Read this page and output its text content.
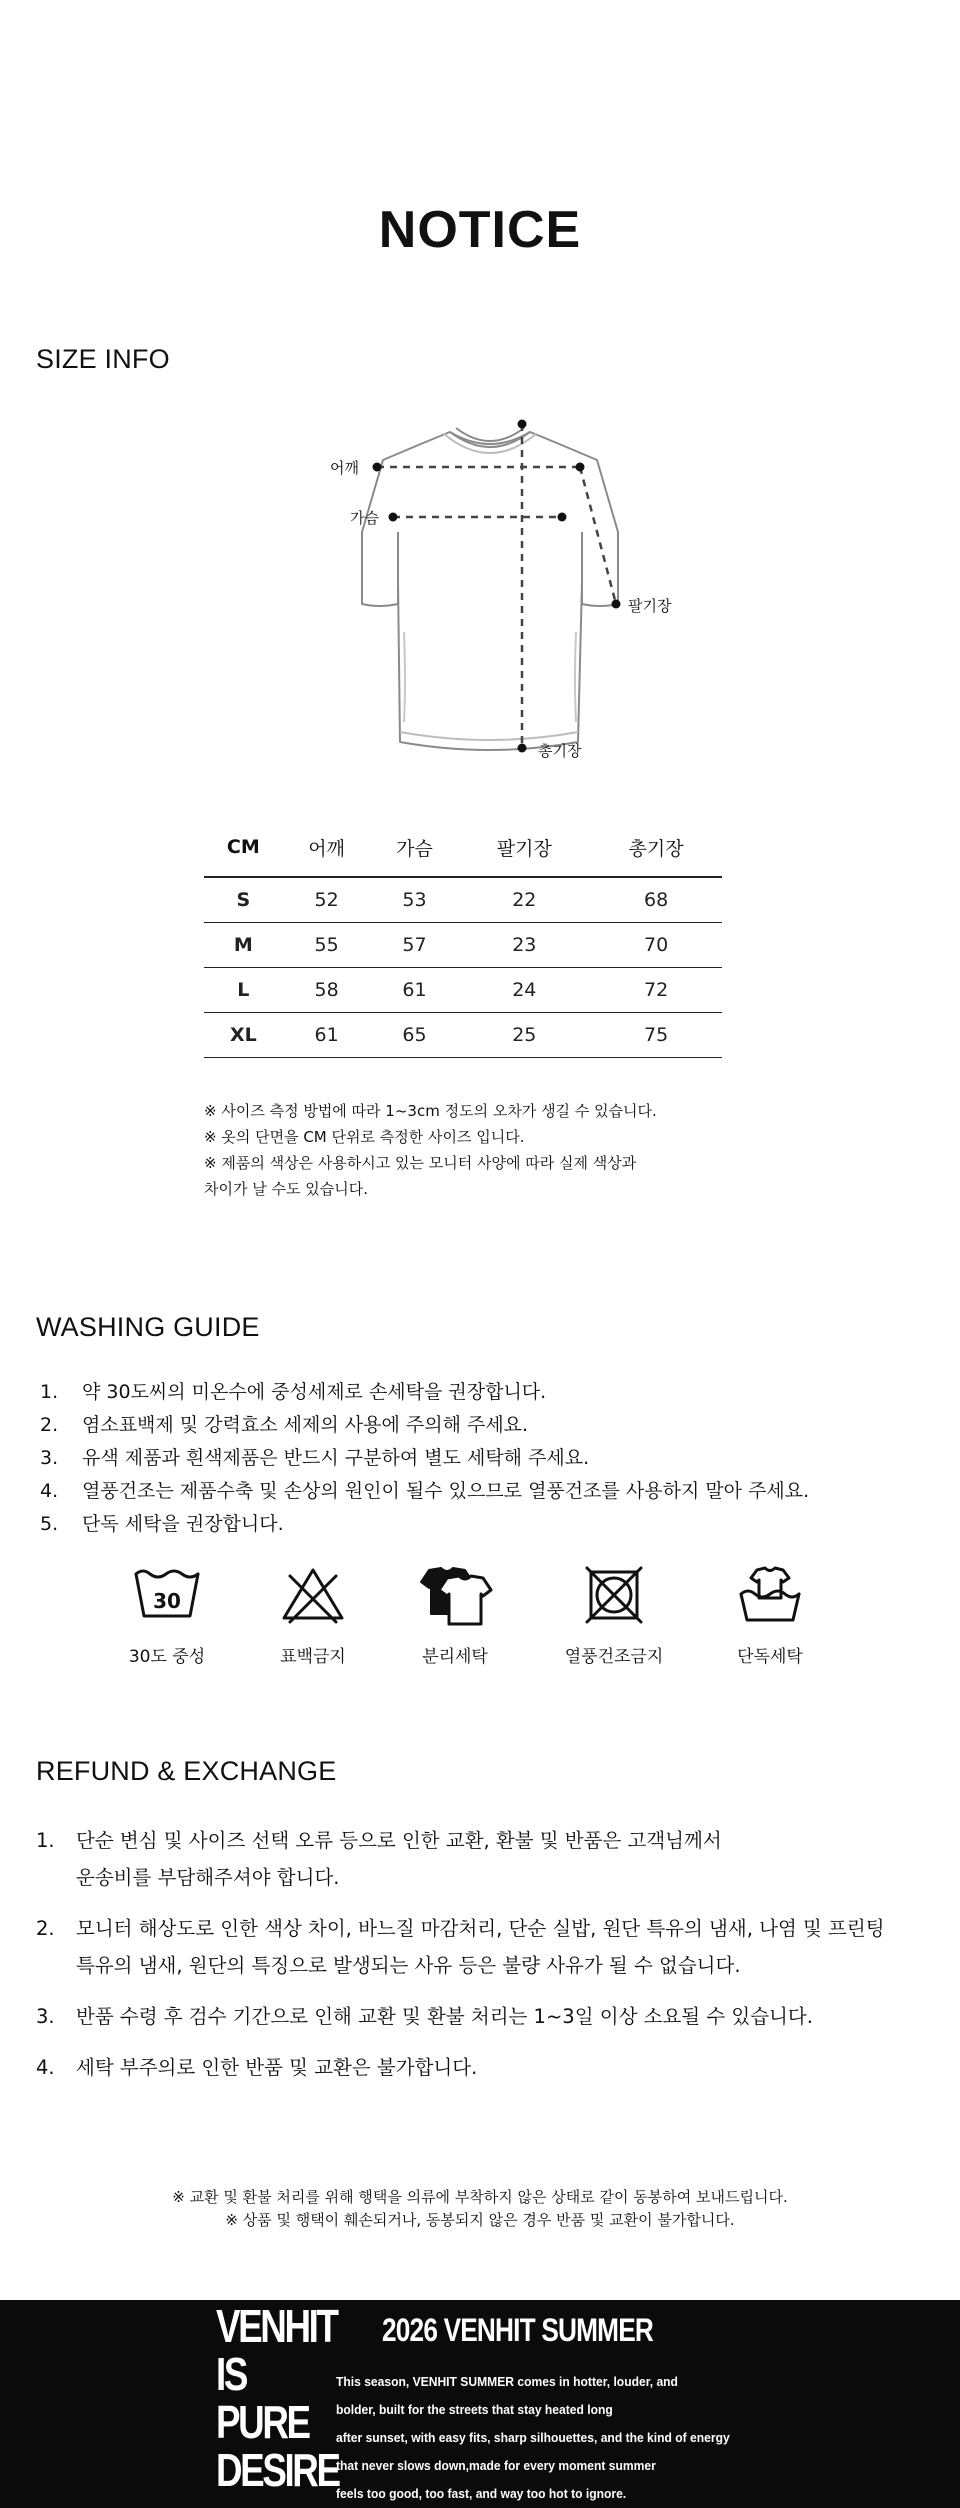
NOTICE
SIZE INFO
어깨
가슴
팔기장
총기장
CM	어깨	가슴	팔기장	총기장
S	52	53	22	68
M	55	57	23	70
L	58	61	24	72
XL	61	65	25	75

※ 사이즈 측정 방법에 따라 1~3cm 정도의 오차가 생길 수 있습니다.

※ 옷의 단면을 CM 단위로 측정한 사이즈 입니다.

※ 제품의 색상은 사용하시고 있는 모니터 사양에 따라 실제 색상과

차이가 날 수도 있습니다.

WASHING GUIDE
1.	약 30도씨의 미온수에 중성세제로 손세탁을 권장합니다.
2.	염소표백제 및 강력효소 세제의 사용에 주의해 주세요.
3.	유색 제품과 흰색제품은 반드시 구분하여 별도 세탁해 주세요.
4.	열풍건조는 제품수축 및 손상의 원인이 될수 있으므로 열풍건조를 사용하지 말아 주세요.
5.	단독 세탁을 권장합니다.
30
30도 중성	표백금지	분리세탁	열풍건조금지	단독세탁
REFUND & EXCHANGE
1.	단순 변심 및 사이즈 선택 오류 등으로 인한 교환, 환불 및 반품은 고객님께서

운송비를 부담해주셔야 합니다.

2.	모니터 해상도로 인한 색상 차이, 바느질 마감처리, 단순 실밥, 원단 특유의 냄새, 나염 및 프린팅

특유의 냄새, 원단의 특징으로 발생되는 사유 등은 불량 사유가 될 수 없습니다.

3.	반품 수령 후 검수 기간으로 인해 교환 및 환불 처리는 1~3일 이상 소요될 수 있습니다.

4.	세탁 부주의로 인한 반품 및 교환은 불가합니다.

※ 교환 및 환불 처리를 위해 행택을 의류에 부착하지 않은 상태로 같이 동봉하여 보내드립니다.

※ 상품 및 행택이 훼손되거나, 동봉되지 않은 경우 반품 및 교환이 불가합니다.

VENHIT
IS
PURE
DESIRE
2026 VENHIT SUMMER

This season, VENHIT SUMMER comes in hotter, louder, and

bolder, built for the streets that stay heated long

after sunset, with easy fits, sharp silhouettes, and the kind of energy

that never slows down,made for every moment summer

feels too good, too fast, and way too hot to ignore.
